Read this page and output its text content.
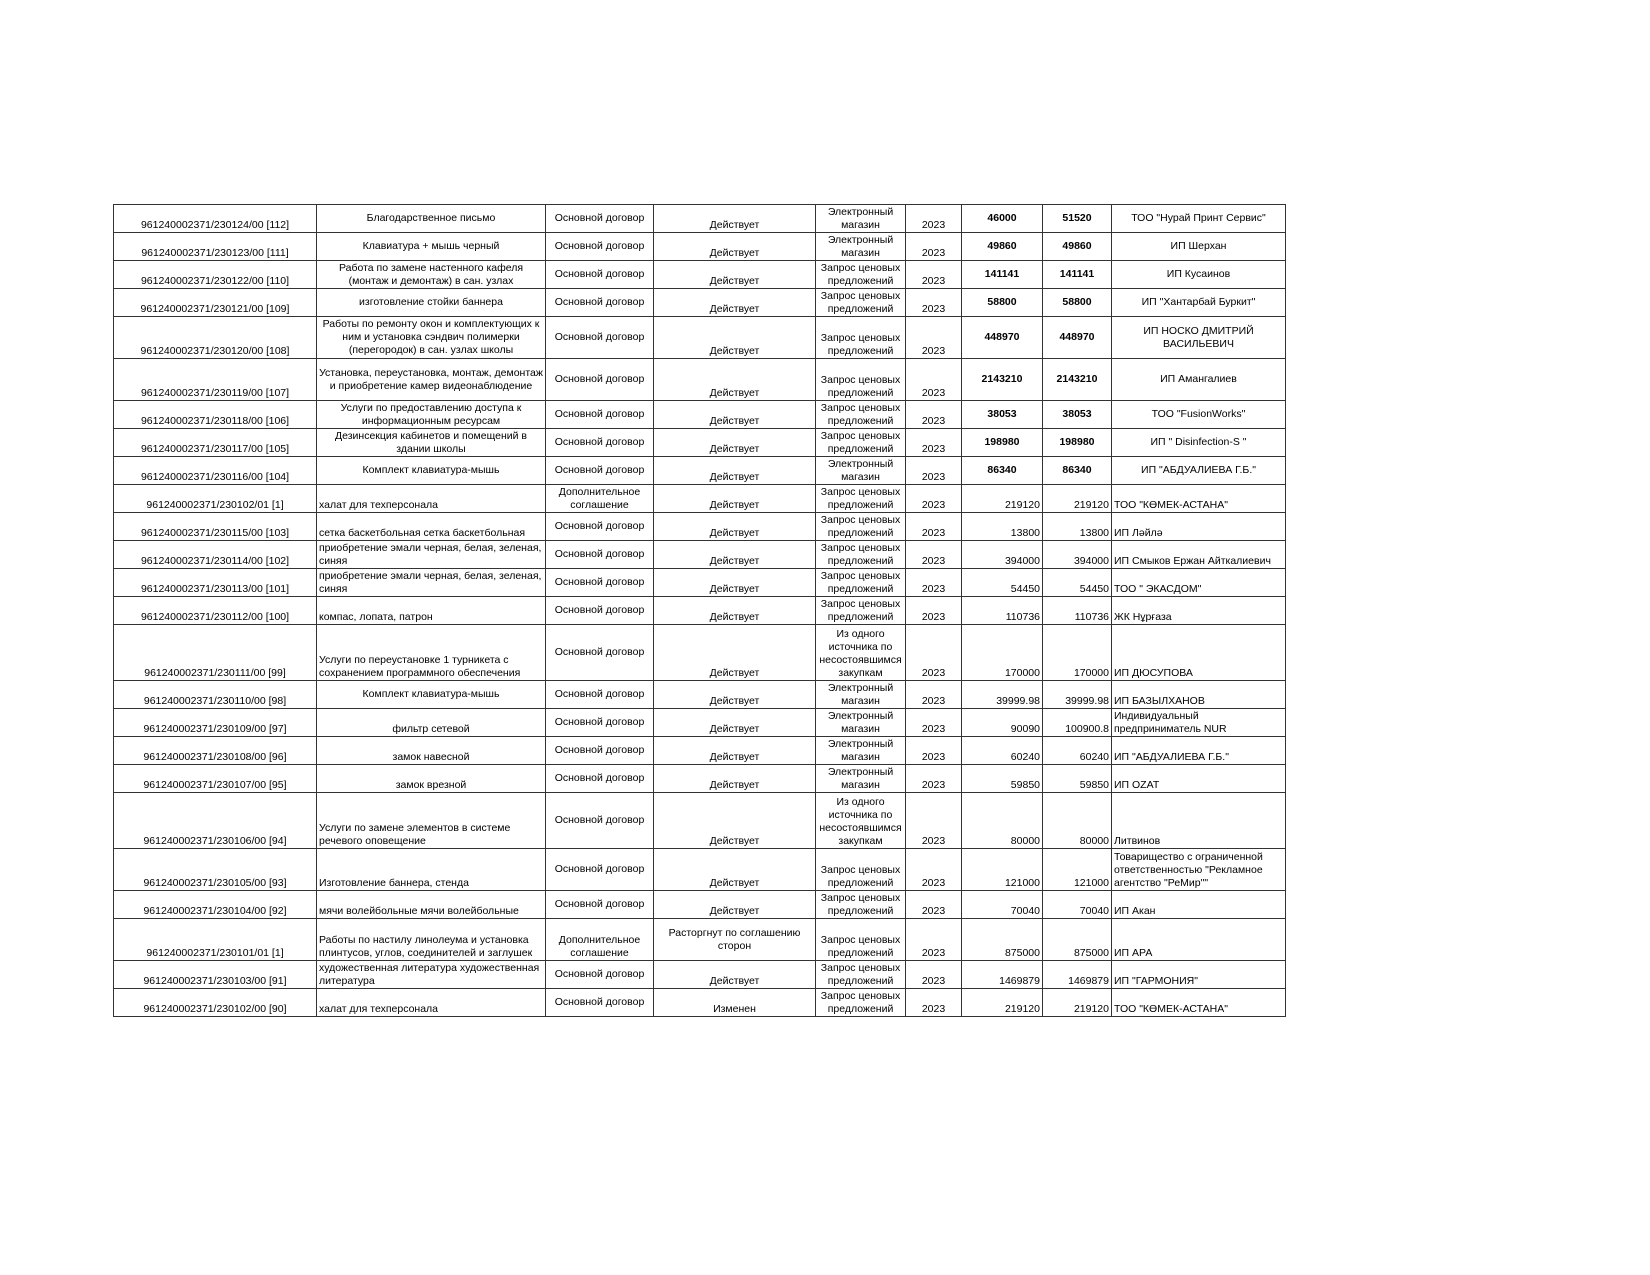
961240002371/230124/00 [112]	Благодарственное письмо	Основной договор	Действует	Электронный магазин	2023	46000	51520	ТОО "Нурай Принт Сервис"
961240002371/230123/00 [111]	Клавиатура + мышь черный	Основной договор	Действует	Электронный магазин	2023	49860	49860	ИП Шерхан
961240002371/230122/00 [110]	Работа по замене настенного кафеля (монтаж и демонтаж) в сан. узлах	Основной договор	Действует	Запрос ценовых предложений	2023	141141	141141	ИП Кусаинов
961240002371/230121/00 [109]	изготовление стойки баннера	Основной договор	Действует	Запрос ценовых предложений	2023	58800	58800	ИП "Хантарбай Буркит"
961240002371/230120/00 [108]	Работы по ремонту окон и комплектующих к ним и установка сэндвич полимерки (перегородок) в сан. узлах школы	Основной договор	Действует	Запрос ценовых предложений	2023	448970	448970	ИП НОСКО ДМИТРИЙ ВАСИЛЬЕВИЧ
961240002371/230119/00 [107]	Установка, переустановка, монтаж, демонтаж и приобретение камер видеонаблюдение	Основной договор	Действует	Запрос ценовых предложений	2023	2143210	2143210	ИП Амангалиев
961240002371/230118/00 [106]	Услуги по предоставлению доступа к информационным ресурсам	Основной договор	Действует	Запрос ценовых предложений	2023	38053	38053	ТОО "FusionWorks"
961240002371/230117/00 [105]	Дезинсекция кабинетов и помещений в здании школы	Основной договор	Действует	Запрос ценовых предложений	2023	198980	198980	ИП " Disinfection-S "
961240002371/230116/00 [104]	Комплект клавиатура-мышь	Основной договор	Действует	Электронный магазин	2023	86340	86340	ИП "АБДУАЛИЕВА Г.Б."
961240002371/230102/01 [1]	халат для техперсонала	Дополнительное соглашение	Действует	Запрос ценовых предложений	2023	219120	219120	ТОО "КӨМЕК-АСТАНА"
961240002371/230115/00 [103]	сетка баскетбольная сетка баскетбольная	Основной договор	Действует	Запрос ценовых предложений	2023	13800	13800	ИП Ләйлә
961240002371/230114/00 [102]	приобретение эмали черная, белая, зеленая, синяя	Основной договор	Действует	Запрос ценовых предложений	2023	394000	394000	ИП Смыков Ержан Айткалиевич
961240002371/230113/00 [101]	приобретение эмали черная, белая, зеленая, синяя	Основной договор	Действует	Запрос ценовых предложений	2023	54450	54450	ТОО " ЭКАСДОМ"
961240002371/230112/00 [100]	компас, лопата, патрон	Основной договор	Действует	Запрос ценовых предложений	2023	110736	110736	ЖК Нұрғаза
961240002371/230111/00 [99]	Услуги по переустановке 1 турникета с сохранением программного обеспечения	Основной договор	Действует	Из одного источника по несостоявшимся закупкам	2023	170000	170000	ИП ДЮСУПОВА
961240002371/230110/00 [98]	Комплект клавиатура-мышь	Основной договор	Действует	Электронный магазин	2023	39999.98	39999.98	ИП БАЗЫЛХАНОВ
961240002371/230109/00 [97]	фильтр сетевой	Основной договор	Действует	Электронный магазин	2023	90090	100900.8	Индивидуальный предприниматель NUR
961240002371/230108/00 [96]	замок навесной	Основной договор	Действует	Электронный магазин	2023	60240	60240	ИП "АБДУАЛИЕВА Г.Б."
961240002371/230107/00 [95]	замок врезной	Основной договор	Действует	Электронный магазин	2023	59850	59850	ИП OZAT
961240002371/230106/00 [94]	Услуги по замене элементов в системе речевого оповещение	Основной договор	Действует	Из одного источника по несостоявшимся закупкам	2023	80000	80000	Литвинов
961240002371/230105/00 [93]	Изготовление баннера, стенда	Основной договор	Действует	Запрос ценовых предложений	2023	121000	121000	Товарищество с ограниченной ответственностью "Рекламное агентство "РеМир""
961240002371/230104/00 [92]	мячи волейбольные мячи волейбольные	Основной договор	Действует	Запрос ценовых предложений	2023	70040	70040	ИП Акан
961240002371/230101/01 [1]	Работы по настилу линолеума и установка плинтусов, углов, соединителей и заглушек	Дополнительное соглашение	Расторгнут по соглашению сторон	Запрос ценовых предложений	2023	875000	875000	ИП АРА
961240002371/230103/00 [91]	художественная литература художественная литература	Основной договор	Действует	Запрос ценовых предложений	2023	1469879	1469879	ИП "ГАРМОНИЯ"
961240002371/230102/00 [90]	халат для техперсонала	Основной договор	Изменен	Запрос ценовых предложений	2023	219120	219120	ТОО "КӨМЕК-АСТАНА"
